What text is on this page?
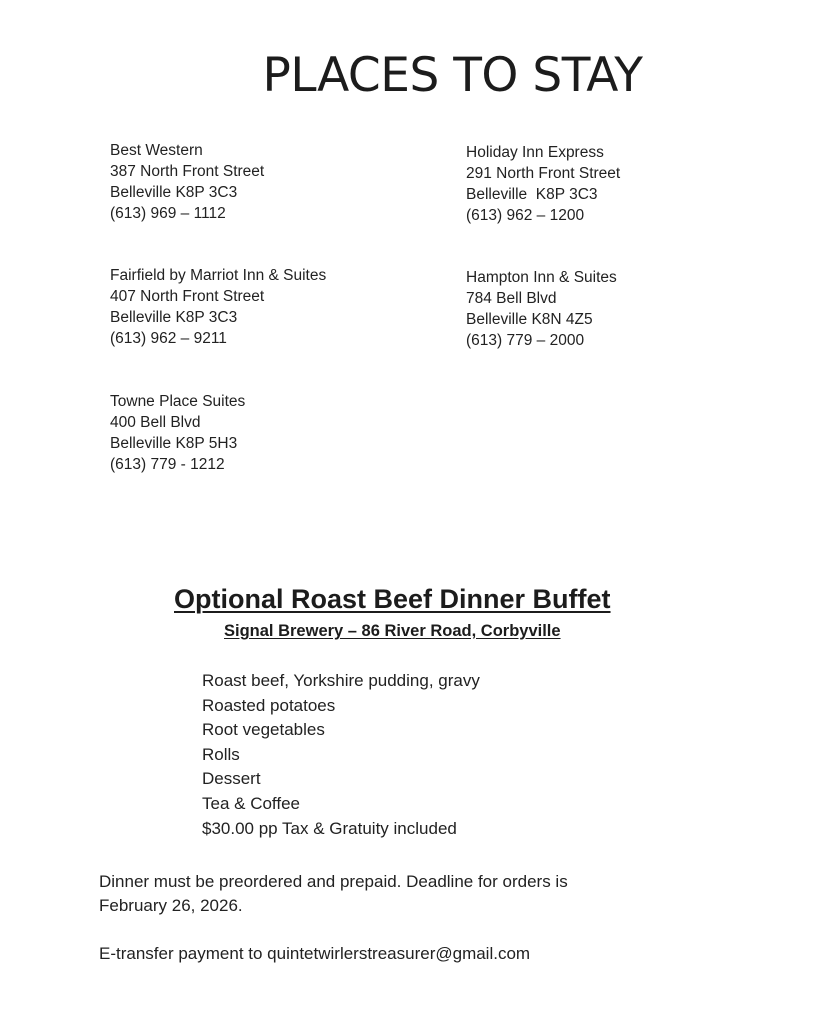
PLACES TO STAY
Best Western
387 North Front Street
Belleville K8P 3C3
(613) 969 – 1112
Holiday Inn Express
291 North Front Street
Belleville  K8P 3C3
(613) 962 – 1200
Fairfield by Marriot Inn & Suites
407 North Front Street
Belleville K8P 3C3
(613) 962 – 9211
Hampton Inn & Suites
784 Bell Blvd
Belleville K8N 4Z5
(613) 779 – 2000
Towne Place Suites
400 Bell Blvd
Belleville K8P 5H3
(613) 779 - 1212
Optional Roast Beef Dinner Buffet
Signal Brewery – 86 River Road, Corbyville
Roast beef, Yorkshire pudding, gravy
Roasted potatoes
Root vegetables
Rolls
Dessert
Tea & Coffee
$30.00 pp Tax & Gratuity included
Dinner must be preordered and prepaid. Deadline for orders is
February 26, 2026.
E-transfer payment to quintetwirlerstreasurer@gmail.com
